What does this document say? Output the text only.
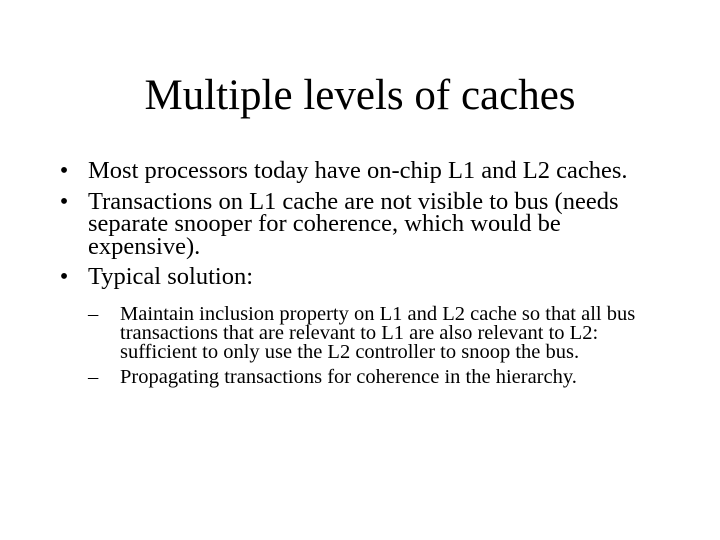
Multiple levels of caches
• Most processors today have on-chip L1 and L2 caches.
• Transactions on L1 cache are not visible to bus (needs separate snooper for coherence, which would be expensive).
• Typical solution:
–	Maintain inclusion property on L1 and L2 cache so that all bus transactions that are relevant to L1 are also relevant to L2: sufficient to only use the L2 controller to snoop the bus.
–	Propagating transactions for coherence in the hierarchy.
